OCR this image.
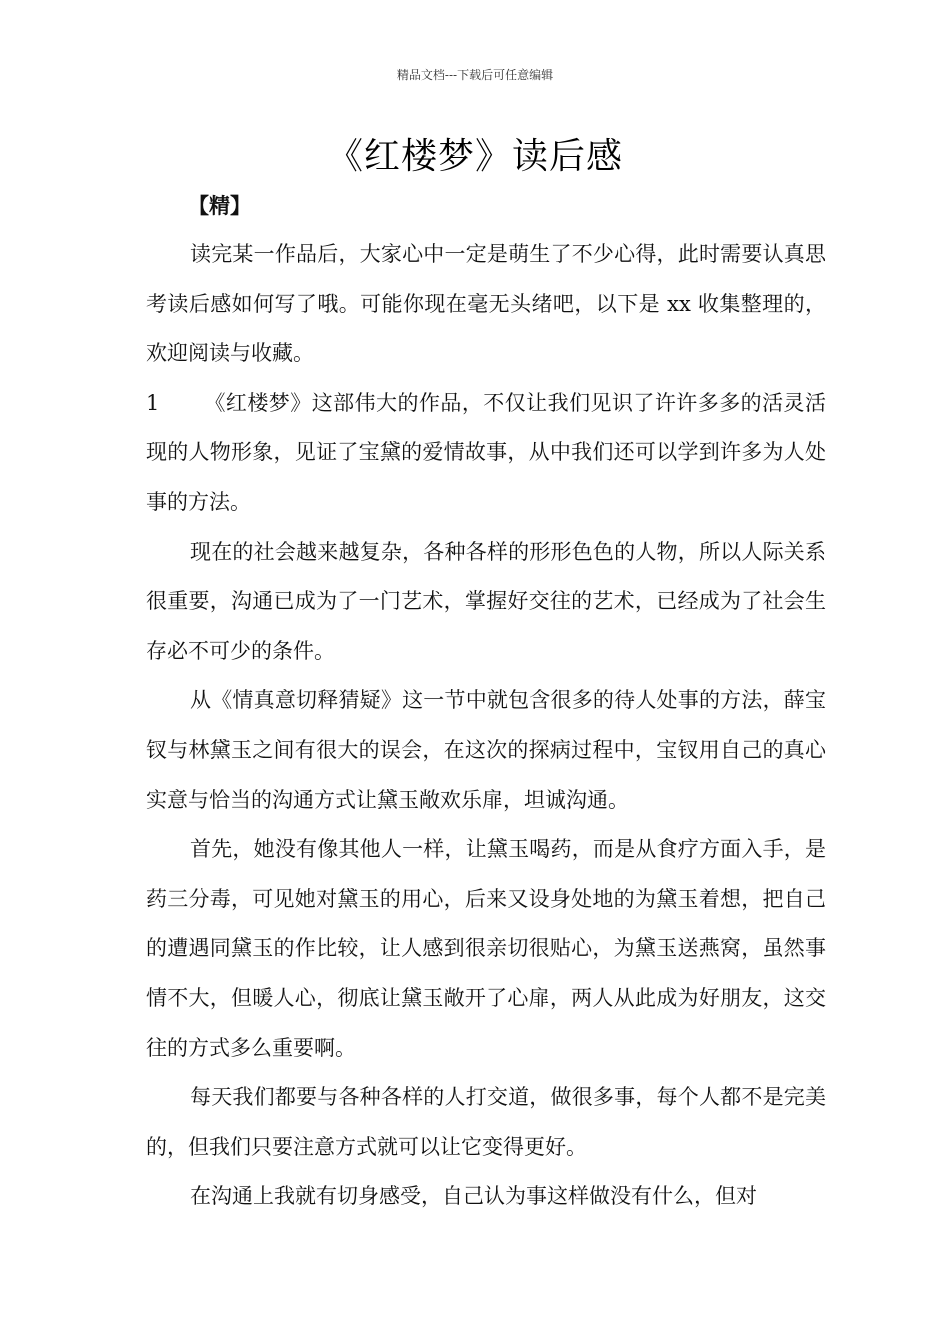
精品文档---下载后可任意编辑
《红楼梦》读后感
【精】

读完某一作品后，大家心中一定是萌生了不少心得，此时需要认真思考读后感如何写了哦。可能你现在毫无头绪吧，以下是 xx 收集整理的，欢迎阅读与收藏。

1 《红楼梦》这部伟大的作品，不仅让我们见识了许许多多的活灵活现的人物形象，见证了宝黛的爱情故事，从中我们还可以学到许多为人处事的方法。

现在的社会越来越复杂，各种各样的形形色色的人物，所以人际关系很重要，沟通已成为了一门艺术，掌握好交往的艺术，已经成为了社会生存必不可少的条件。

从《情真意切释猜疑》这一节中就包含很多的待人处事的方法，薛宝钗与林黛玉之间有很大的误会，在这次的探病过程中，宝钗用自己的真心实意与恰当的沟通方式让黛玉敞欢乐扉，坦诚沟通。

首先，她没有像其他人一样，让黛玉喝药，而是从食疗方面入手，是药三分毒，可见她对黛玉的用心，后来又设身处地的为黛玉着想，把自己的遭遇同黛玉的作比较，让人感到很亲切很贴心，为黛玉送燕窝，虽然事情不大，但暖人心，彻底让黛玉敞开了心扉，两人从此成为好朋友，这交往的方式多么重要啊。

每天我们都要与各种各样的人打交道，做很多事，每个人都不是完美的，但我们只要注意方式就可以让它变得更好。

在沟通上我就有切身感受，自己认为事这样做没有什么，但对
